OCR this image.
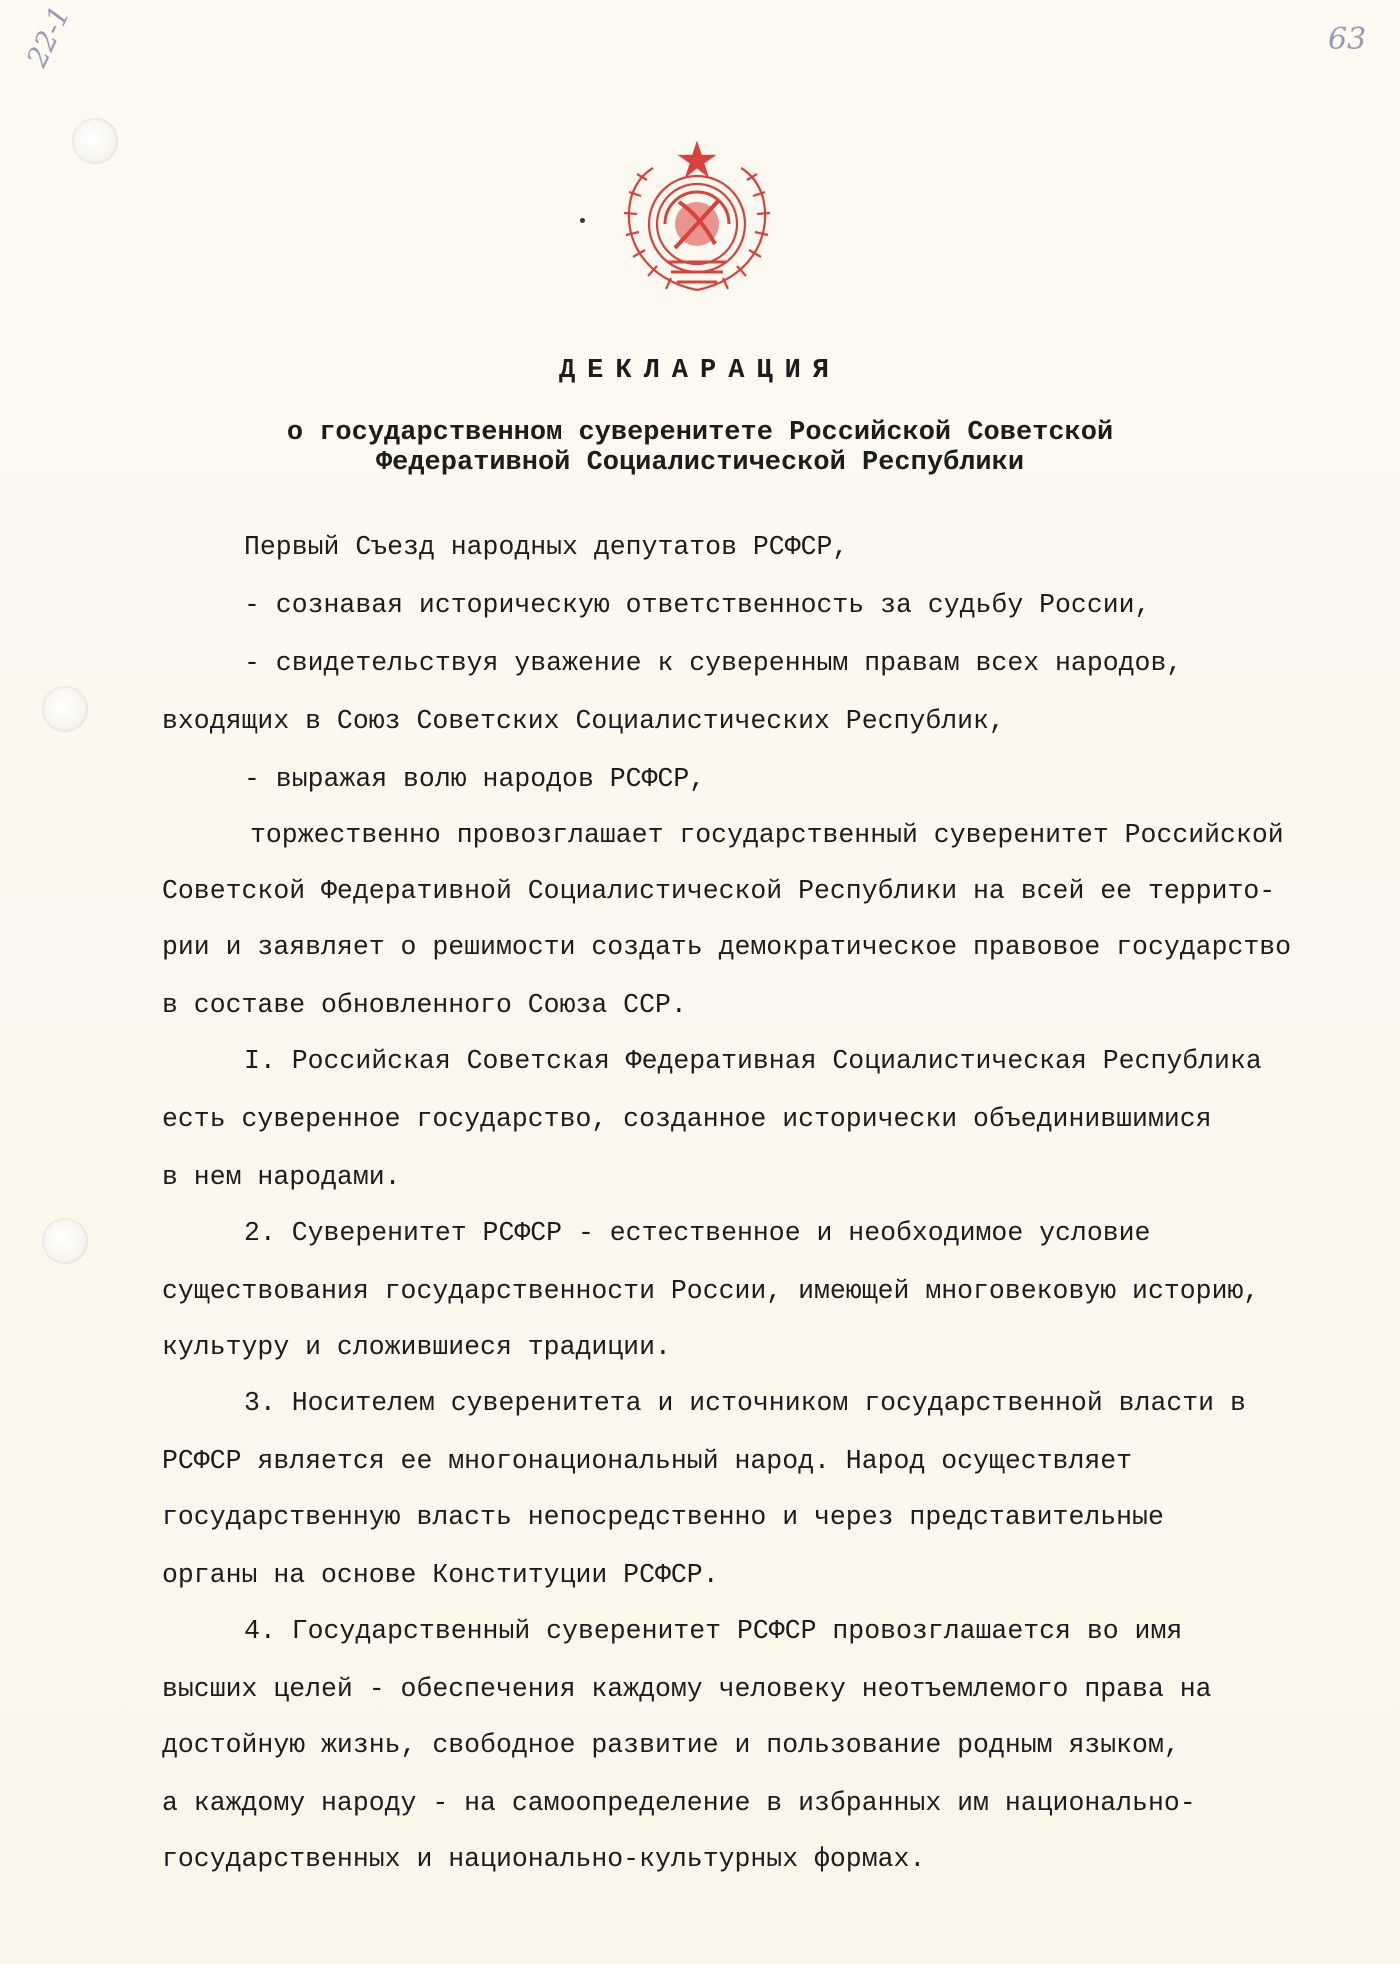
22-1	63
ДЕКЛАРАЦИЯ

о государственном суверенитете Российской Советской

Федеративной Социалистической Республики

Первый Съезд народных депутатов РСФСР,

- сознавая историческую ответственность за судьбу России,

- свидетельствуя уважение к суверенным правам всех народов,

входящих в Союз Советских Социалистических Республик,

- выражая волю народов РСФСР,

торжественно провозглашает государственный суверенитет Российской

Советской Федеративной Социалистической Республики на всей ее террито-

рии и заявляет о решимости создать демократическое правовое государство

в составе обновленного Союза ССР.

I. Российская Советская Федеративная Социалистическая Республика

есть суверенное государство, созданное исторически объединившимися

в нем народами.

2. Суверенитет РСФСР - естественное и необходимое условие

существования государственности России, имеющей многовековую историю,

культуру и сложившиеся традиции.

3. Носителем суверенитета и источником государственной власти в

РСФСР является ее многонациональный народ. Народ осуществляет

государственную власть непосредственно и через представительные

органы на основе Конституции РСФСР.

4. Государственный суверенитет РСФСР провозглашается во имя

высших целей - обеспечения каждому человеку неотъемлемого права на

достойную жизнь, свободное развитие и пользование родным языком,

а каждому народу - на самоопределение в избранных им национально-

государственных и национально-культурных формах.
